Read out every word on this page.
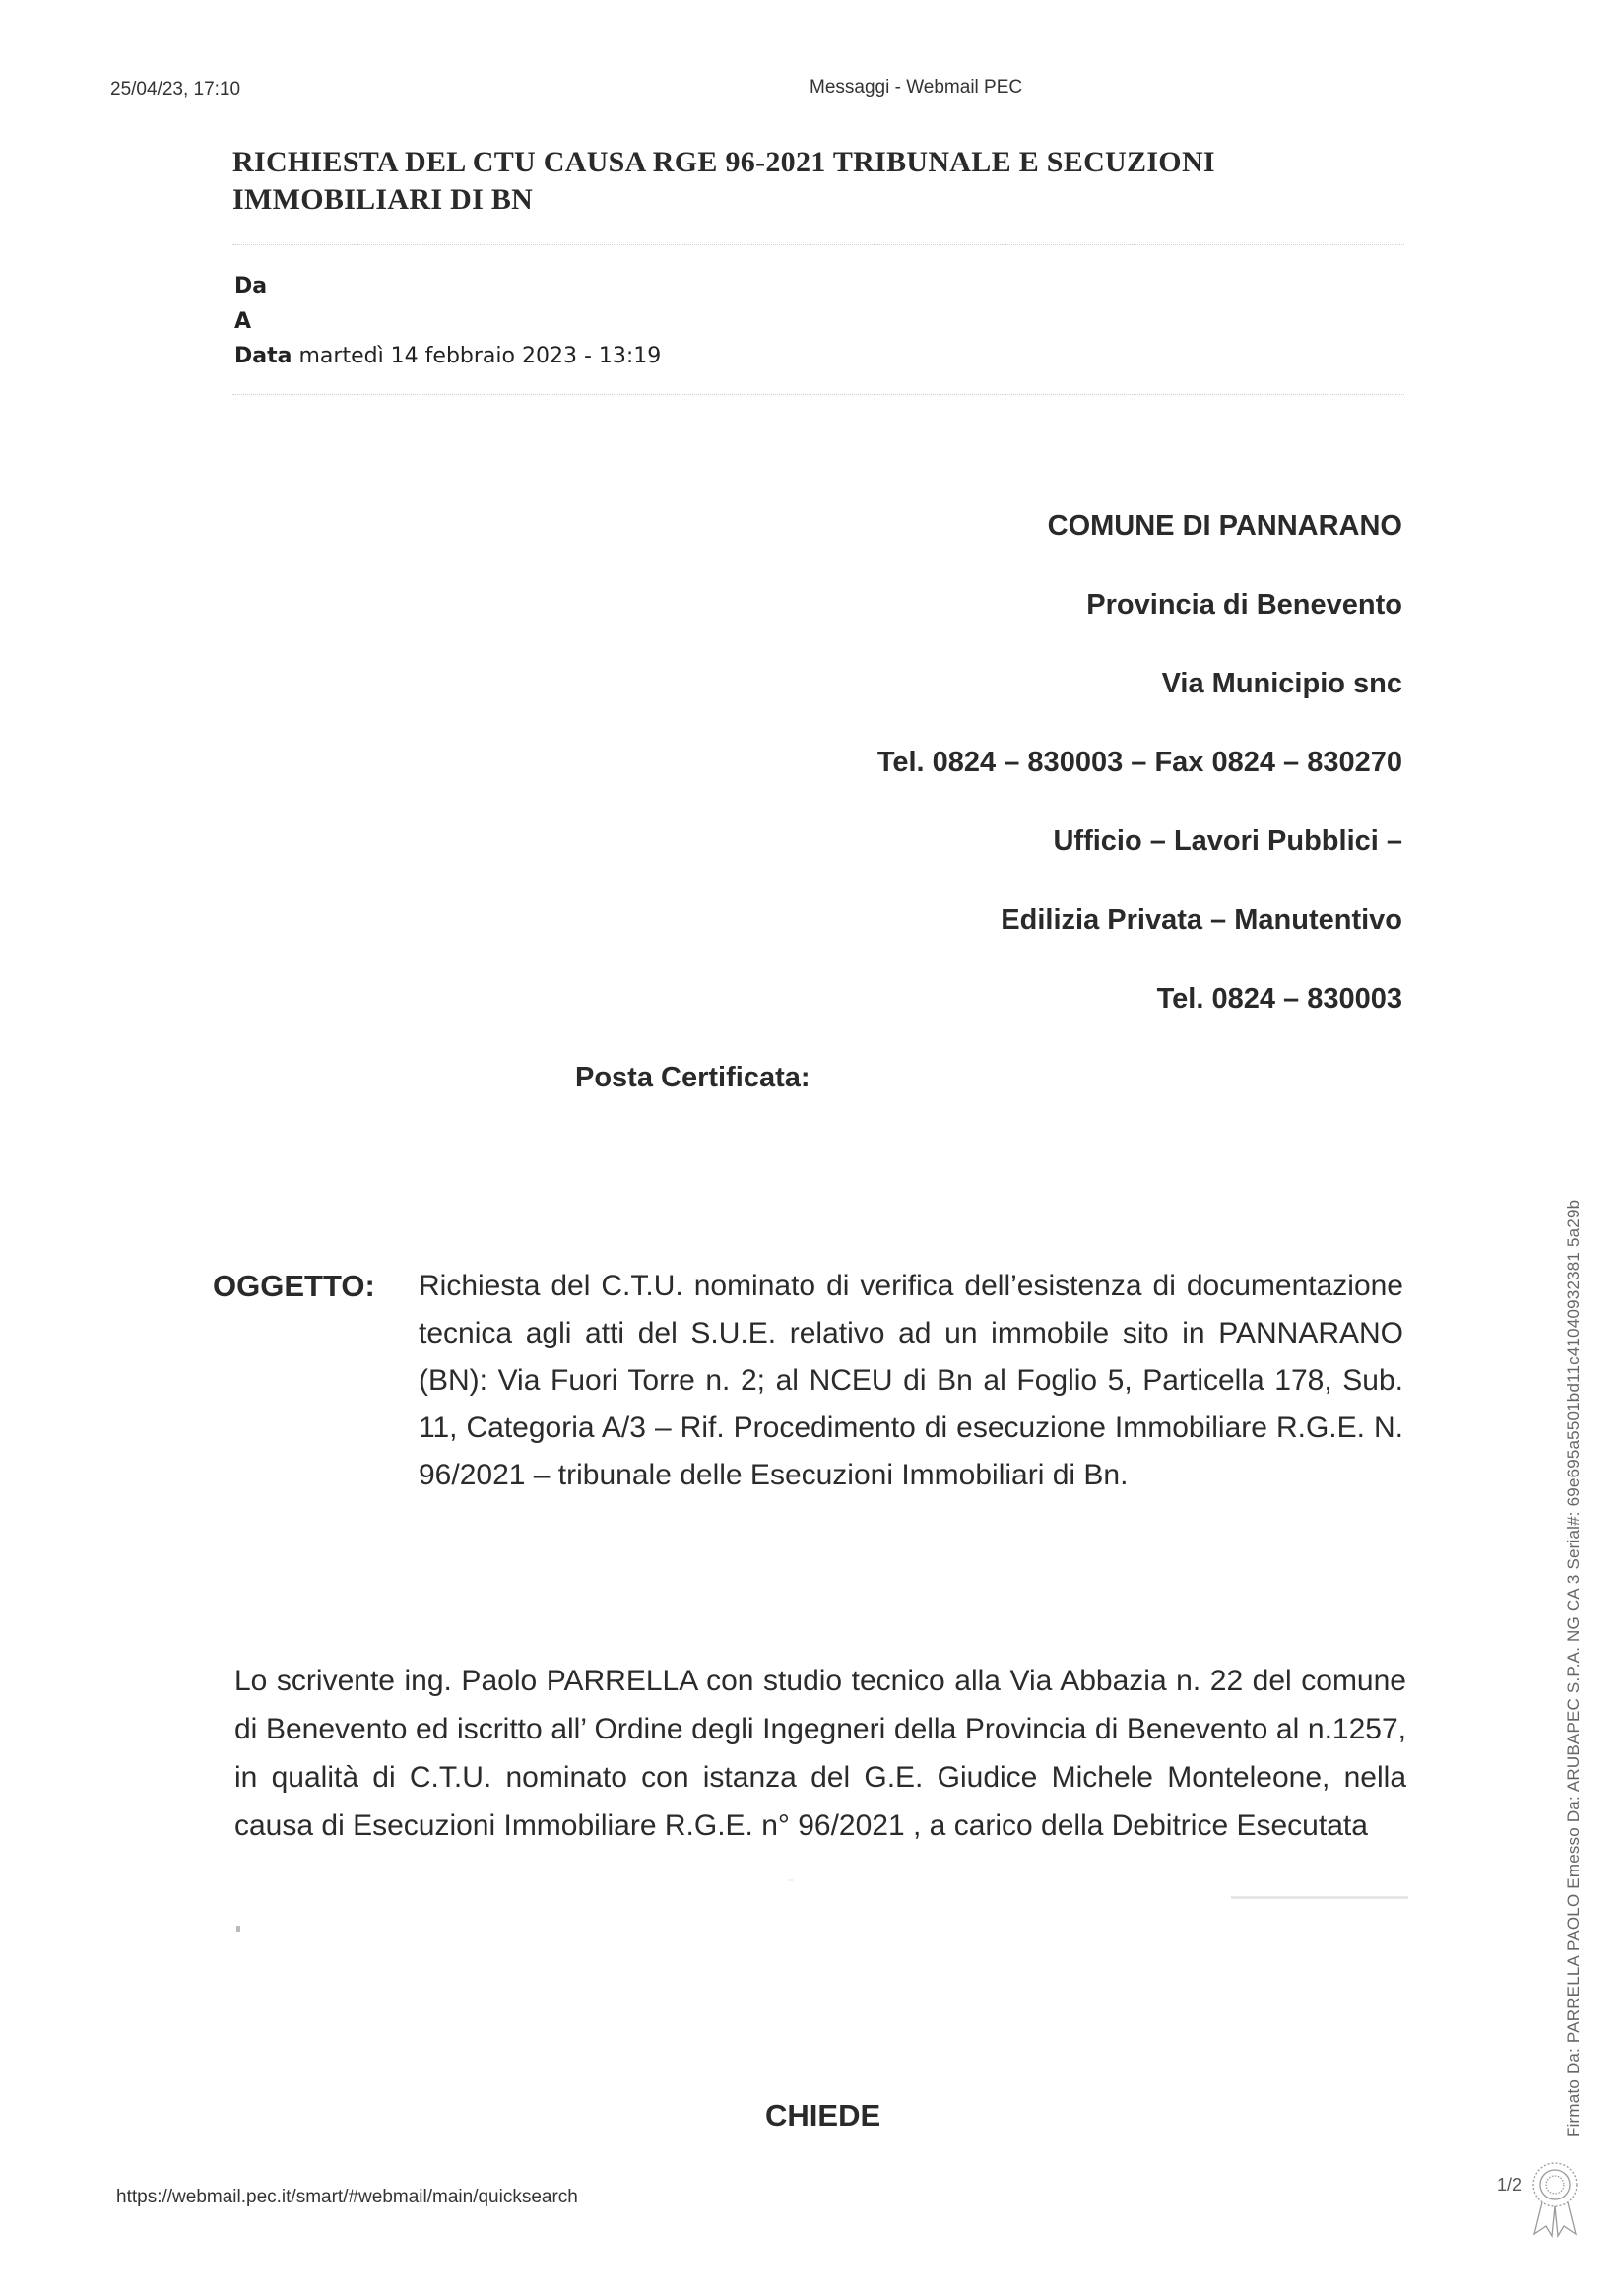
25/04/23, 17:10	Messaggi - Webmail PEC
RICHIESTA DEL CTU CAUSA RGE 96-2021 TRIBUNALE E SECUZIONI IMMOBILIARI DI BN
Da
A
Data martedì 14 febbraio 2023 - 13:19
COMUNE DI PANNARANO
Provincia di Benevento
Via Municipio snc
Tel. 0824 – 830003 – Fax 0824 – 830270
Ufficio – Lavori Pubblici –
Edilizia Privata – Manutentivo
Tel. 0824 – 830003
Posta Certificata:
OGGETTO: Richiesta del C.T.U. nominato di verifica dell’esistenza di documentazione tecnica agli atti del S.U.E. relativo ad un immobile sito in PANNARANO (BN): Via Fuori Torre n. 2; al NCEU di Bn al Foglio 5, Particella 178, Sub. 11, Categoria A/3 – Rif. Procedimento di esecuzione Immobiliare R.G.E. N. 96/2021 – tribunale delle Esecuzioni Immobiliari di Bn.
Lo scrivente ing. Paolo PARRELLA con studio tecnico alla Via Abbazia n. 22 del comune di Benevento ed iscritto all’ Ordine degli Ingegneri della Provincia di Benevento al n.1257, in qualità di C.T.U. nominato con istanza del G.E. Giudice Michele Monteleone, nella causa di Esecuzioni Immobiliare R.G.E. n° 96/2021 , a carico della Debitrice Esecutata
CHIEDE
https://webmail.pec.it/smart/#webmail/main/quicksearch
1/2
Firmato Da: PARRELLA PAOLO Emesso Da: ARUBAPEC S.P.A. NG CA 3 Serial#: 69e695a5501bd11c41040932381 5a29b
